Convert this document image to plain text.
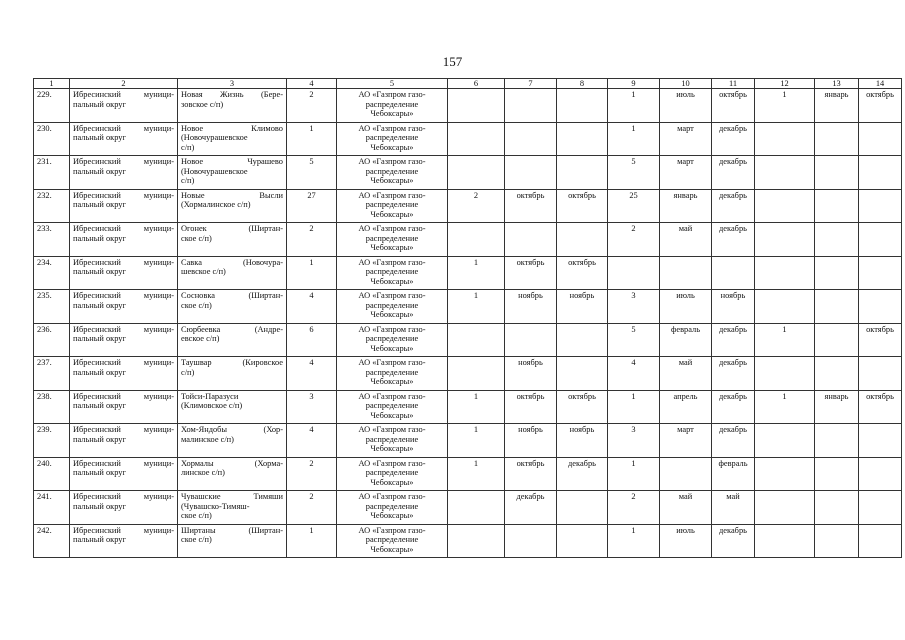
157
1	2	3	4	5	6	7	8	9	10	11	12	13	14
229.	Ибресинский муници-
пальный округ	Новая Жизнь (Бере-
зовское с/п)	2	АО «Газпром газо-
распределение
Чебоксары»				1	июль	октябрь	1	январь	октябрь
230.	Ибресинский муници-
пальный округ	Новое Климово
(Новочурашевское
с/п)	1	АО «Газпром газо-
распределение
Чебоксары»				1	март	декабрь			
231.	Ибресинский муници-
пальный округ	Новое Чурашево
(Новочурашевское
с/п)	5	АО «Газпром газо-
распределение
Чебоксары»				5	март	декабрь			
232.	Ибресинский муници-
пальный округ	Новые Высли
(Хормалинское с/п)	27	АО «Газпром газо-
распределение
Чебоксары»	2	октябрь	октябрь	25	январь	декабрь			
233.	Ибресинский муници-
пальный округ	Огонек (Ширтан-
ское с/п)	2	АО «Газпром газо-
распределение
Чебоксары»				2	май	декабрь			
234.	Ибресинский муници-
пальный округ	Савка (Новочура-
шевское с/п)	1	АО «Газпром газо-
распределение
Чебоксары»	1	октябрь	октябрь						
235.	Ибресинский муници-
пальный округ	Сосновка (Ширтан-
ское с/п)	4	АО «Газпром газо-
распределение
Чебоксары»	1	ноябрь	ноябрь	3	июль	ноябрь			
236.	Ибресинский муници-
пальный округ	Сюрбеевка (Андре-
евское с/п)	6	АО «Газпром газо-
распределение
Чебоксары»				5	февраль	декабрь	1		октябрь
237.	Ибресинский муници-
пальный округ	Таушвар (Кировское
с/п)	4	АО «Газпром газо-
распределение
Чебоксары»		ноябрь		4	май	декабрь			
238.	Ибресинский муници-
пальный округ	Тойси-Паразуси
(Климовское с/п)	3	АО «Газпром газо-
распределение
Чебоксары»	1	октябрь	октябрь	1	апрель	декабрь	1	январь	октябрь
239.	Ибресинский муници-
пальный округ	Хом-Яндобы (Хор-
малинское с/п)	4	АО «Газпром газо-
распределение
Чебоксары»	1	ноябрь	ноябрь	3	март	декабрь			
240.	Ибресинский муници-
пальный округ	Хормалы (Хорма-
линское с/п)	2	АО «Газпром газо-
распределение
Чебоксары»	1	октябрь	декабрь	1		февраль			
241.	Ибресинский муници-
пальный округ	Чувашские Тимяши
(Чувашско-Тимяш-
ское с/п)	2	АО «Газпром газо-
распределение
Чебоксары»		декабрь		2	май	май			
242.	Ибресинский муници-
пальный округ	Ширтаны (Ширтан-
ское с/п)	1	АО «Газпром газо-
распределение
Чебоксары»				1	июль	декабрь			
